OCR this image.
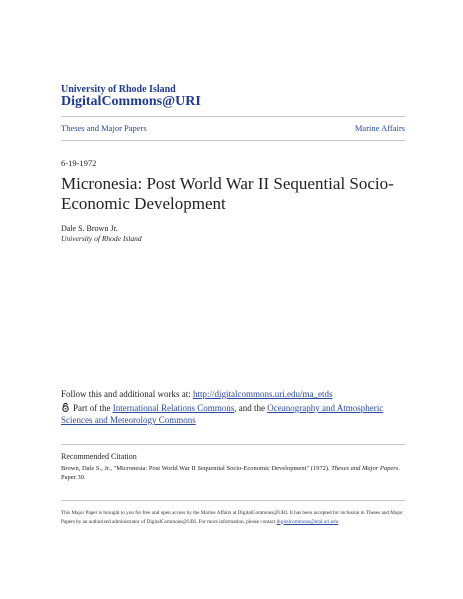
University of Rhode Island
DigitalCommons@URI
Theses and Major Papers	Marine Affairs
6-19-1972
Micronesia: Post World War II Sequential Socio-Economic Development
Dale S. Brown Jr.
University of Rhode Island
Follow this and additional works at: http://digitalcommons.uri.edu/ma_etds
Part of the International Relations Commons, and the Oceanography and Atmospheric Sciences and Meteorology Commons
Recommended Citation
Brown, Dale S., Jr., "Micronesia: Post World War II Sequential Socio-Economic Development" (1972). Theses and Major Papers. Paper 30.
This Major Paper is brought to you for free and open access by the Marine Affairs at DigitalCommons@URI. It has been accepted for inclusion in Theses and Major Papers by an authorized administrator of DigitalCommons@URI. For more information, please contact digitalcommons@etal.uri.edu.
